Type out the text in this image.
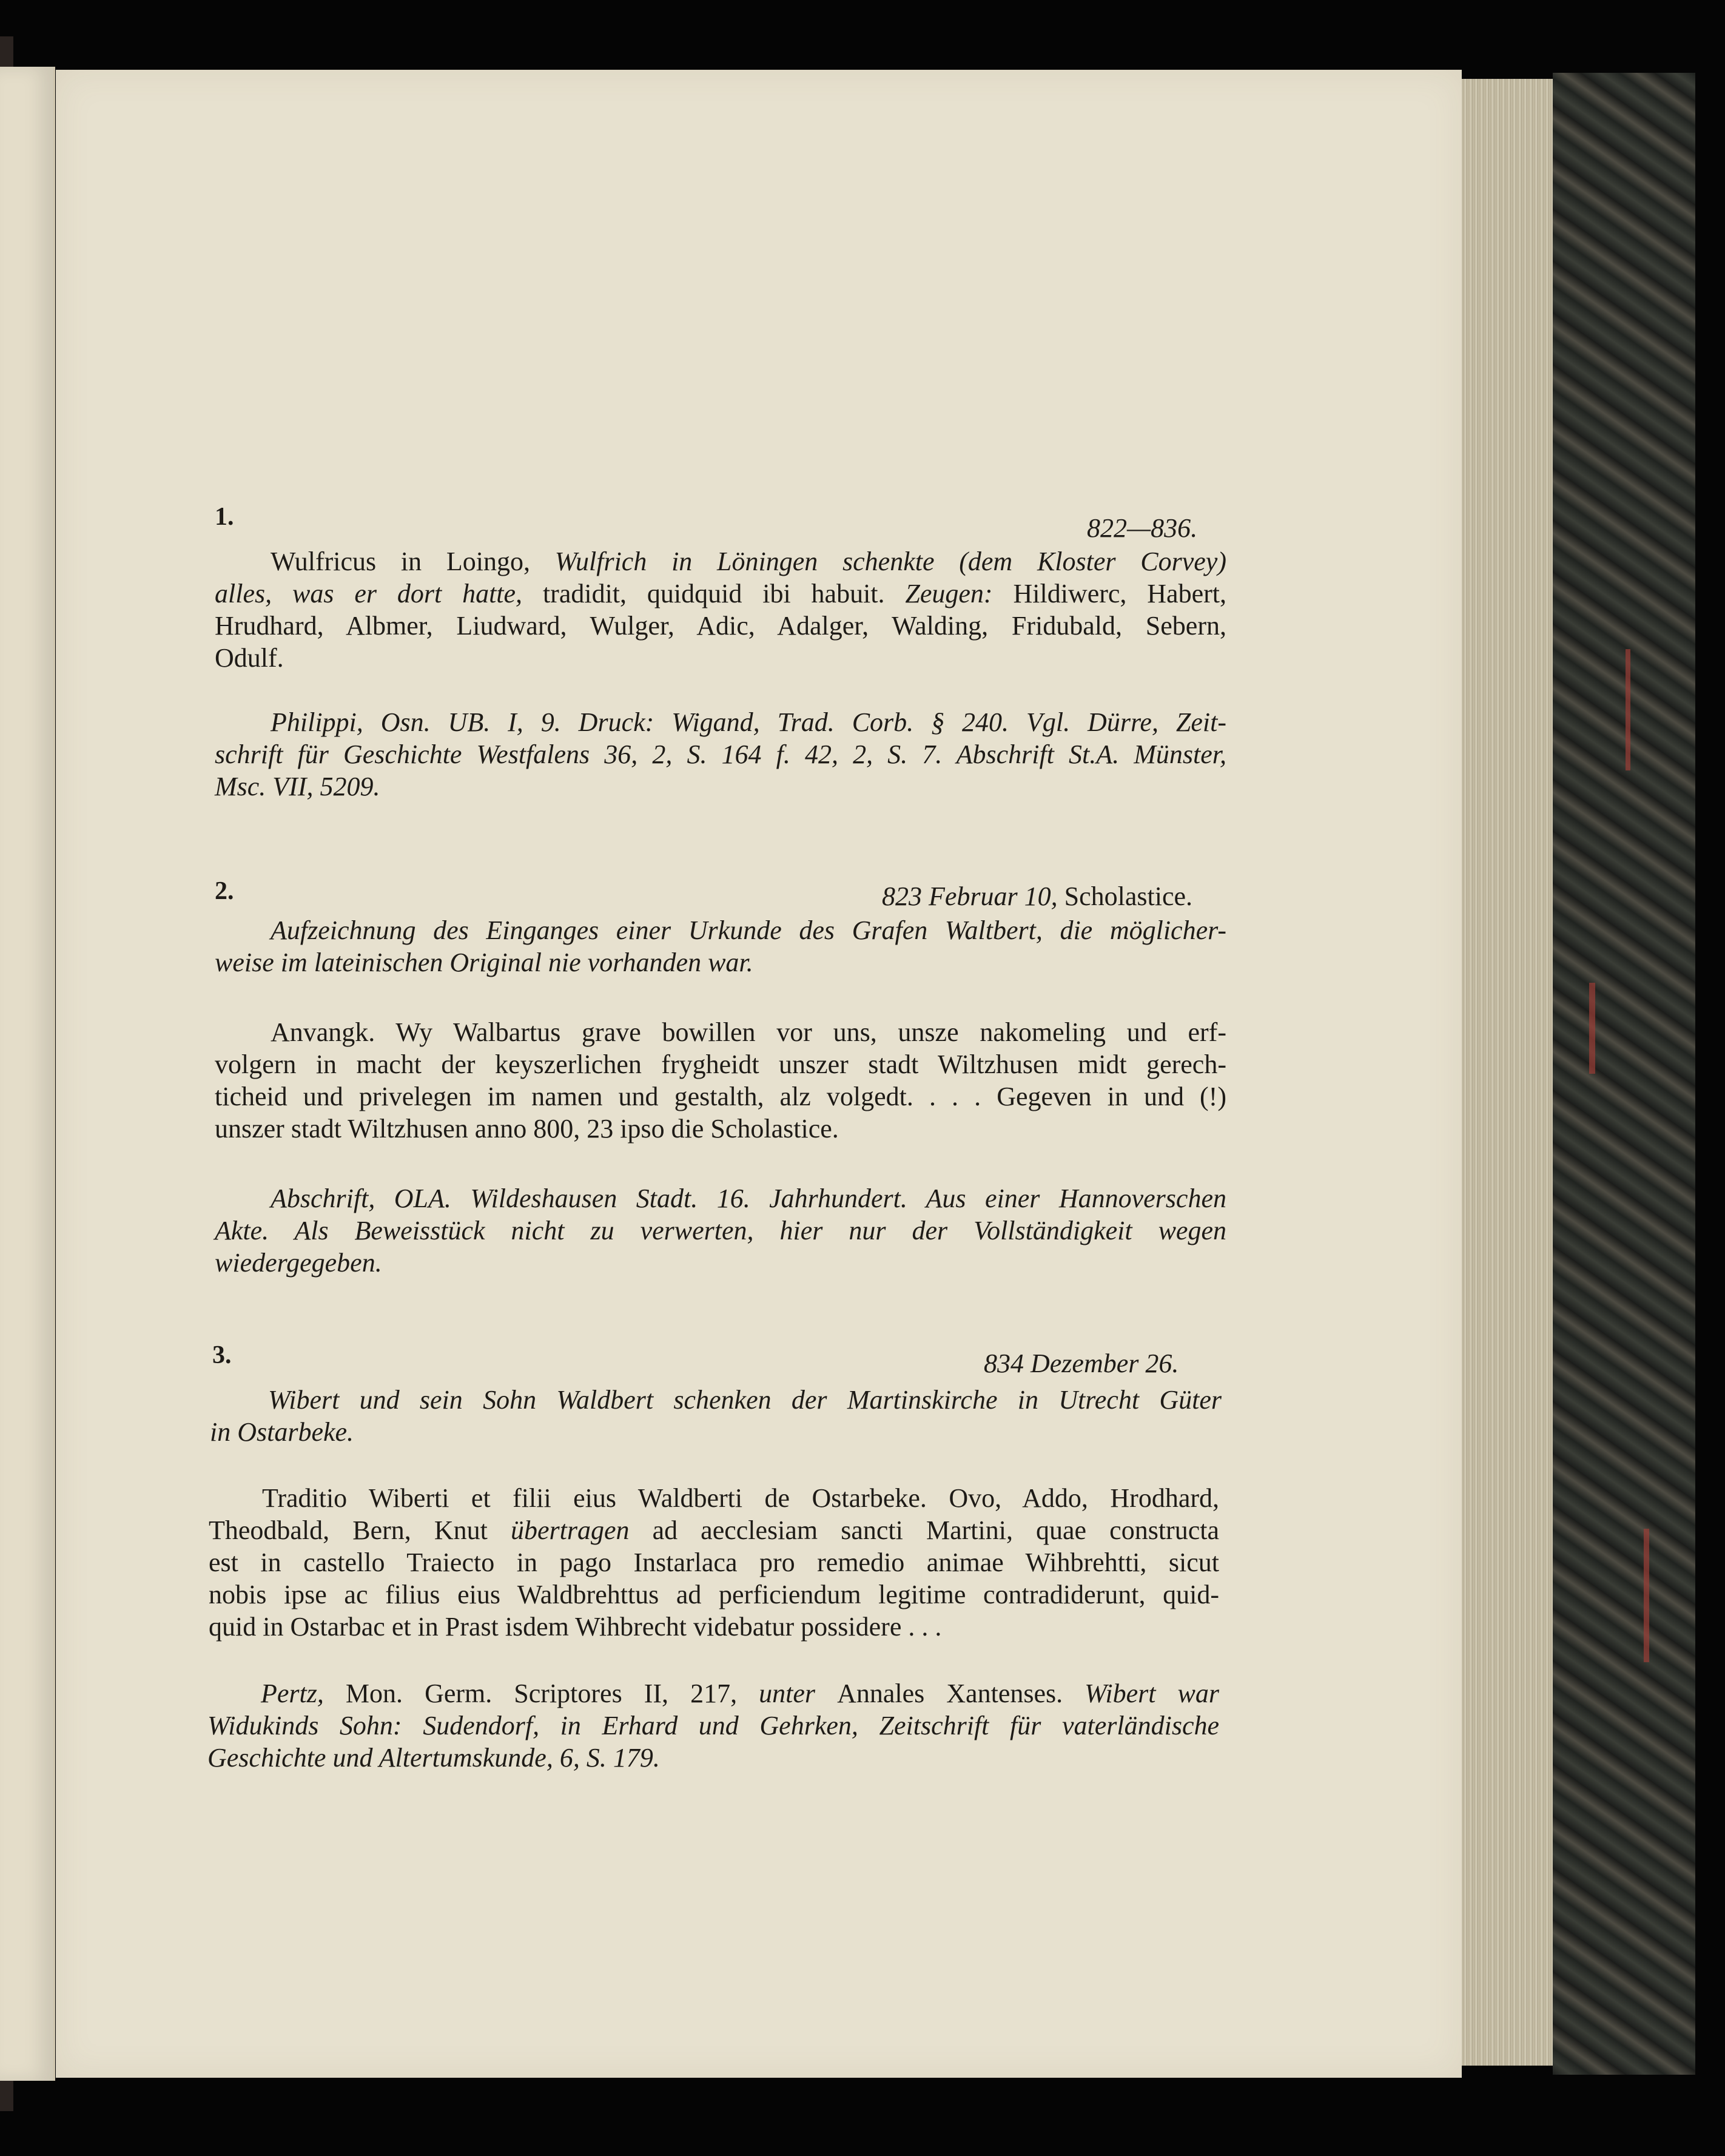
1.	822—836.
Wulfricus in Loingo, Wulfrich in Löningen schenkte (dem Kloster Corvey)
alles, was er dort hatte, tradidit, quidquid ibi habuit. Zeugen: Hildiwerc, Habert,
Hrudhard, Albmer, Liudward, Wulger, Adic, Adalger, Walding, Fridubald, Sebern,
Odulf.
Philippi, Osn. UB. I, 9. Druck: Wigand, Trad. Corb. § 240. Vgl. Dürre, Zeit-
schrift für Geschichte Westfalens 36, 2, S. 164 f. 42, 2, S. 7. Abschrift St.A. Münster,
Msc. VII, 5209.
2.	823 Februar 10, Scholastice.
Aufzeichnung des Einganges einer Urkunde des Grafen Waltbert, die möglicher-
weise im lateinischen Original nie vorhanden war.
Anvangk. Wy Walbartus grave bowillen vor uns, unsze nakomeling und erf-
volgern in macht der keyszerlichen frygheidt unszer stadt Wiltzhusen midt gerech-
ticheid und privelegen im namen und gestalth, alz volgedt. . . . Gegeven in und (!)
unszer stadt Wiltzhusen anno 800, 23 ipso die Scholastice.
Abschrift, OLA. Wildeshausen Stadt. 16. Jahrhundert. Aus einer Hannoverschen
Akte. Als Beweisstück nicht zu verwerten, hier nur der Vollständigkeit wegen
wiedergegeben.
3.	834 Dezember 26.
Wibert und sein Sohn Waldbert schenken der Martinskirche in Utrecht Güter
in Ostarbeke.
Traditio Wiberti et filii eius Waldberti de Ostarbeke. Ovo, Addo, Hrodhard,
Theodbald, Bern, Knut übertragen ad aecclesiam sancti Martini, quae constructa
est in castello Traiecto in pago Instarlaca pro remedio animae Wihbrehtti, sicut
nobis ipse ac filius eius Waldbrehttus ad perficiendum legitime contradiderunt, quid-
quid in Ostarbac et in Prast isdem Wihbrecht videbatur possidere . . .
Pertz, Mon. Germ. Scriptores II, 217, unter Annales Xantenses. Wibert war
Widukinds Sohn: Sudendorf, in Erhard und Gehrken, Zeitschrift für vaterländische
Geschichte und Altertumskunde, 6, S. 179.
